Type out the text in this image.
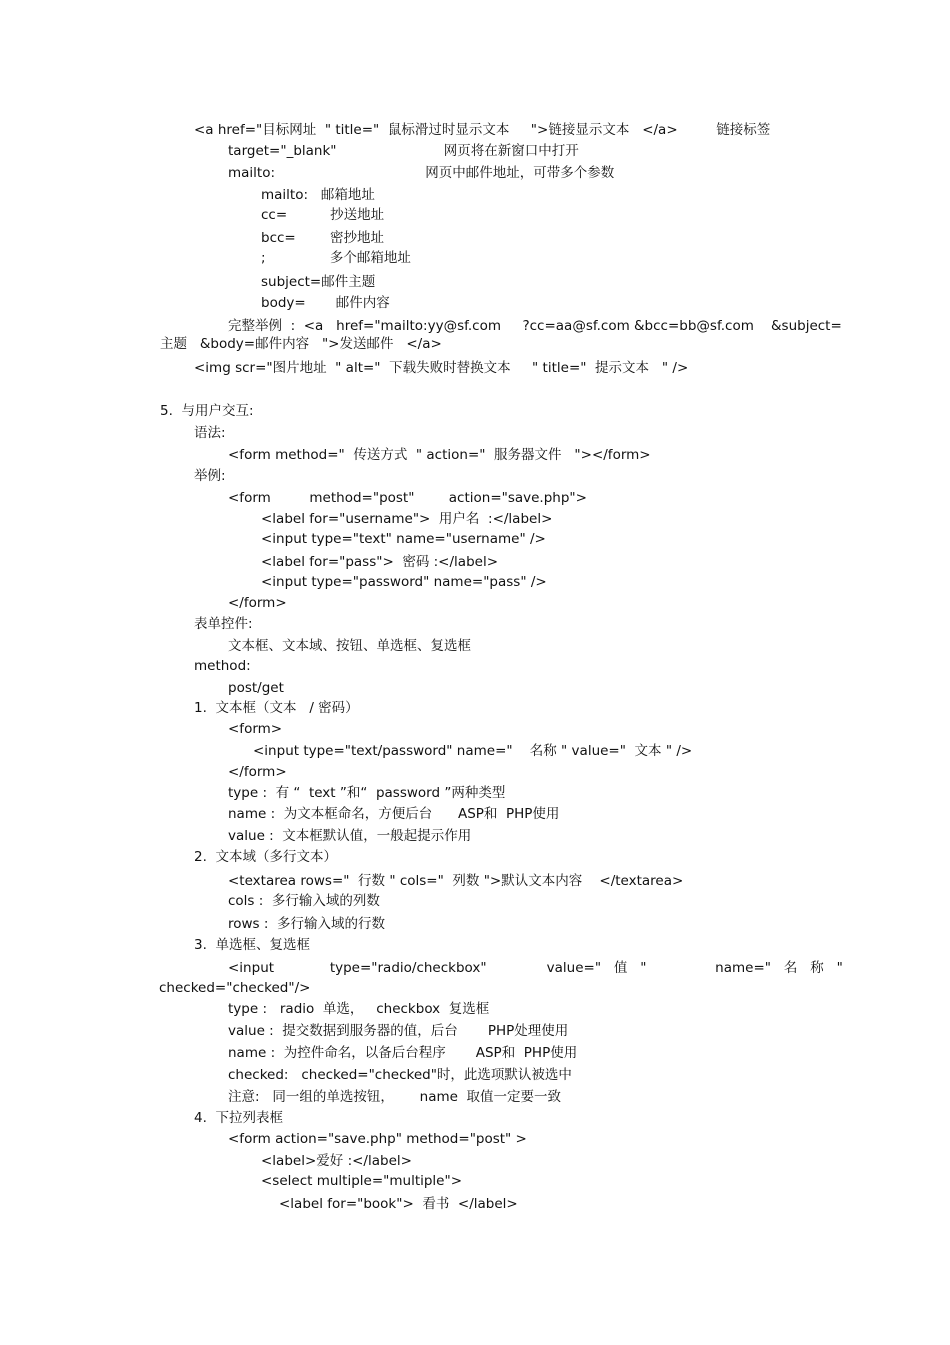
<a href="目标网址  " title="  鼠标滑过时显示文本     ">链接显示文本   </a>         链接标签
target="_blank"                         网页将在新窗口中打开
mailto:                                   网页中邮件地址，可带多个参数
mailto:   邮箱地址
cc=          抄送地址
bcc=        密抄地址
;               多个邮箱地址
subject=邮件主题
body=       邮件内容
完整举例  :  <a   href="mailto:yy@sf.com     ?cc=aa@sf.com &bcc=bb@sf.com    &subject=
主题   &body=邮件内容   ">发送邮件   </a>
<img scr="图片地址  " alt="  下载失败时替换文本     " title="  提示文本   " />
5.  与用户交互:
语法:
<form method="  传送方式  " action="  服务器文件   "></form>
举例:
<form         method="post"        action="save.php">
<label for="username">  用户名  :</label>
<input type="text" name="username" />
<label for="pass">  密码 :</label>
<input type="password" name="pass" />
</form>
表单控件:
文本框、文本域、按钮、单选框、复选框
method:
post/get
1.  文本框（文本   / 密码）
<form>
<input type="text/password" name="    名称 " value="  文本 " />
</form>
type :  有 “  text ”和“  password ”两种类型
name :  为文本框命名，方便后台      ASP和  PHP使用
value :  文本框默认值，一般起提示作用
2.  文本域（多行文本）
<textarea rows="  行数 " cols="  列数 ">默认文本内容    </textarea>
cols :  多行输入域的列数
rows :  多行输入域的行数
3.  单选框、复选框
<input             type="radio/checkbox"              value="   值   "                name="   名   称   "
checked="checked"/>
type :   radio  单选，   checkbox  复选框
value :  提交数据到服务器的值，后台       PHP处理使用
name :  为控件命名，以备后台程序       ASP和  PHP使用
checked:   checked="checked"时，此选项默认被选中
注意:   同一组的单选按钮，      name  取值一定要一致
4.  下拉列表框
<form action="save.php" method="post" >
<label>爱好 :</label>
<select multiple="multiple">
<label for="book">  看书  </label>
